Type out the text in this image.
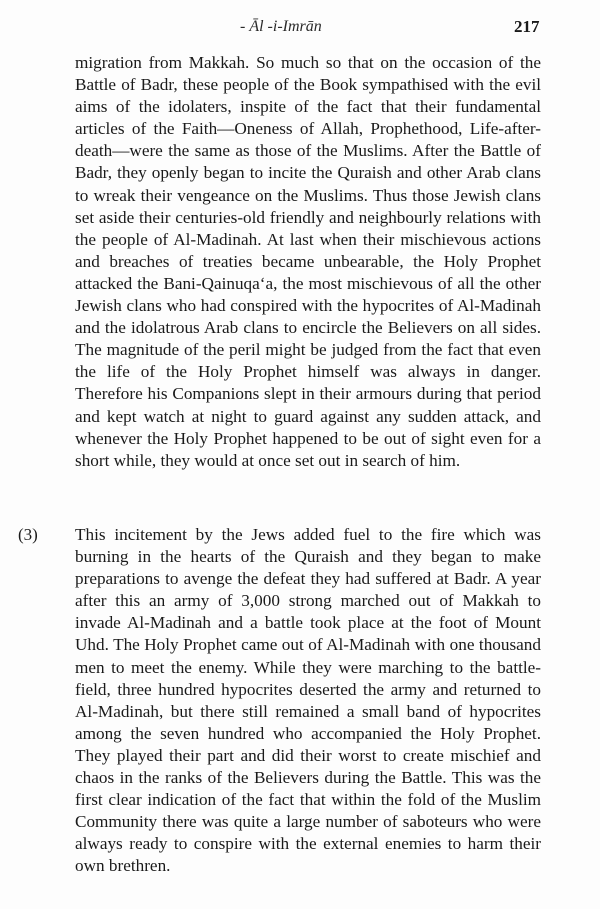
- Āl -i-Imrān	217

migration from Makkah. So much so that on the occasion of the Battle of Badr, these people of the Book sympathised with the evil aims of the idolaters, inspite of the fact that their fundamental articles of the Faith—Oneness of Allah, Prophethood, Life-after-death—were the same as those of the Muslims. After the Battle of Badr, they openly began to incite the Quraish and other Arab clans to wreak their vengeance on the Muslims. Thus those Jewish clans set aside their centuries-old friendly and neighbourly relations with the people of Al-Madinah. At last when their mischievous actions and breaches of treaties became unbearable, the Holy Prophet attacked the Bani-Qainuqa‘a, the most mischievous of all the other Jewish clans who had conspired with the hypocrites of Al-Madinah and the idolatrous Arab clans to encircle the Believers on all sides. The magnitude of the peril might be judged from the fact that even the life of the Holy Prophet himself was always in danger. Therefore his Companions slept in their armours during that period and kept watch at night to guard against any sudden attack, and whenever the Holy Prophet happened to be out of sight even for a short while, they would at once set out in search of him.

(3) This incitement by the Jews added fuel to the fire which was burning in the hearts of the Quraish and they began to make preparations to avenge the defeat they had suffered at Badr. A year after this an army of 3,000 strong marched out of Makkah to invade Al-Madinah and a battle took place at the foot of Mount Uhd. The Holy Prophet came out of Al-Madinah with one thousand men to meet the enemy. While they were marching to the battle-field, three hundred hypocrites deserted the army and returned to Al-Madinah, but there still remained a small band of hypocrites among the seven hundred who accompanied the Holy Prophet. They played their part and did their worst to create mischief and chaos in the ranks of the Believers during the Battle. This was the first clear indication of the fact that within the fold of the Muslim Community there was quite a large number of saboteurs who were always ready to conspire with the external enemies to harm their own brethren.
